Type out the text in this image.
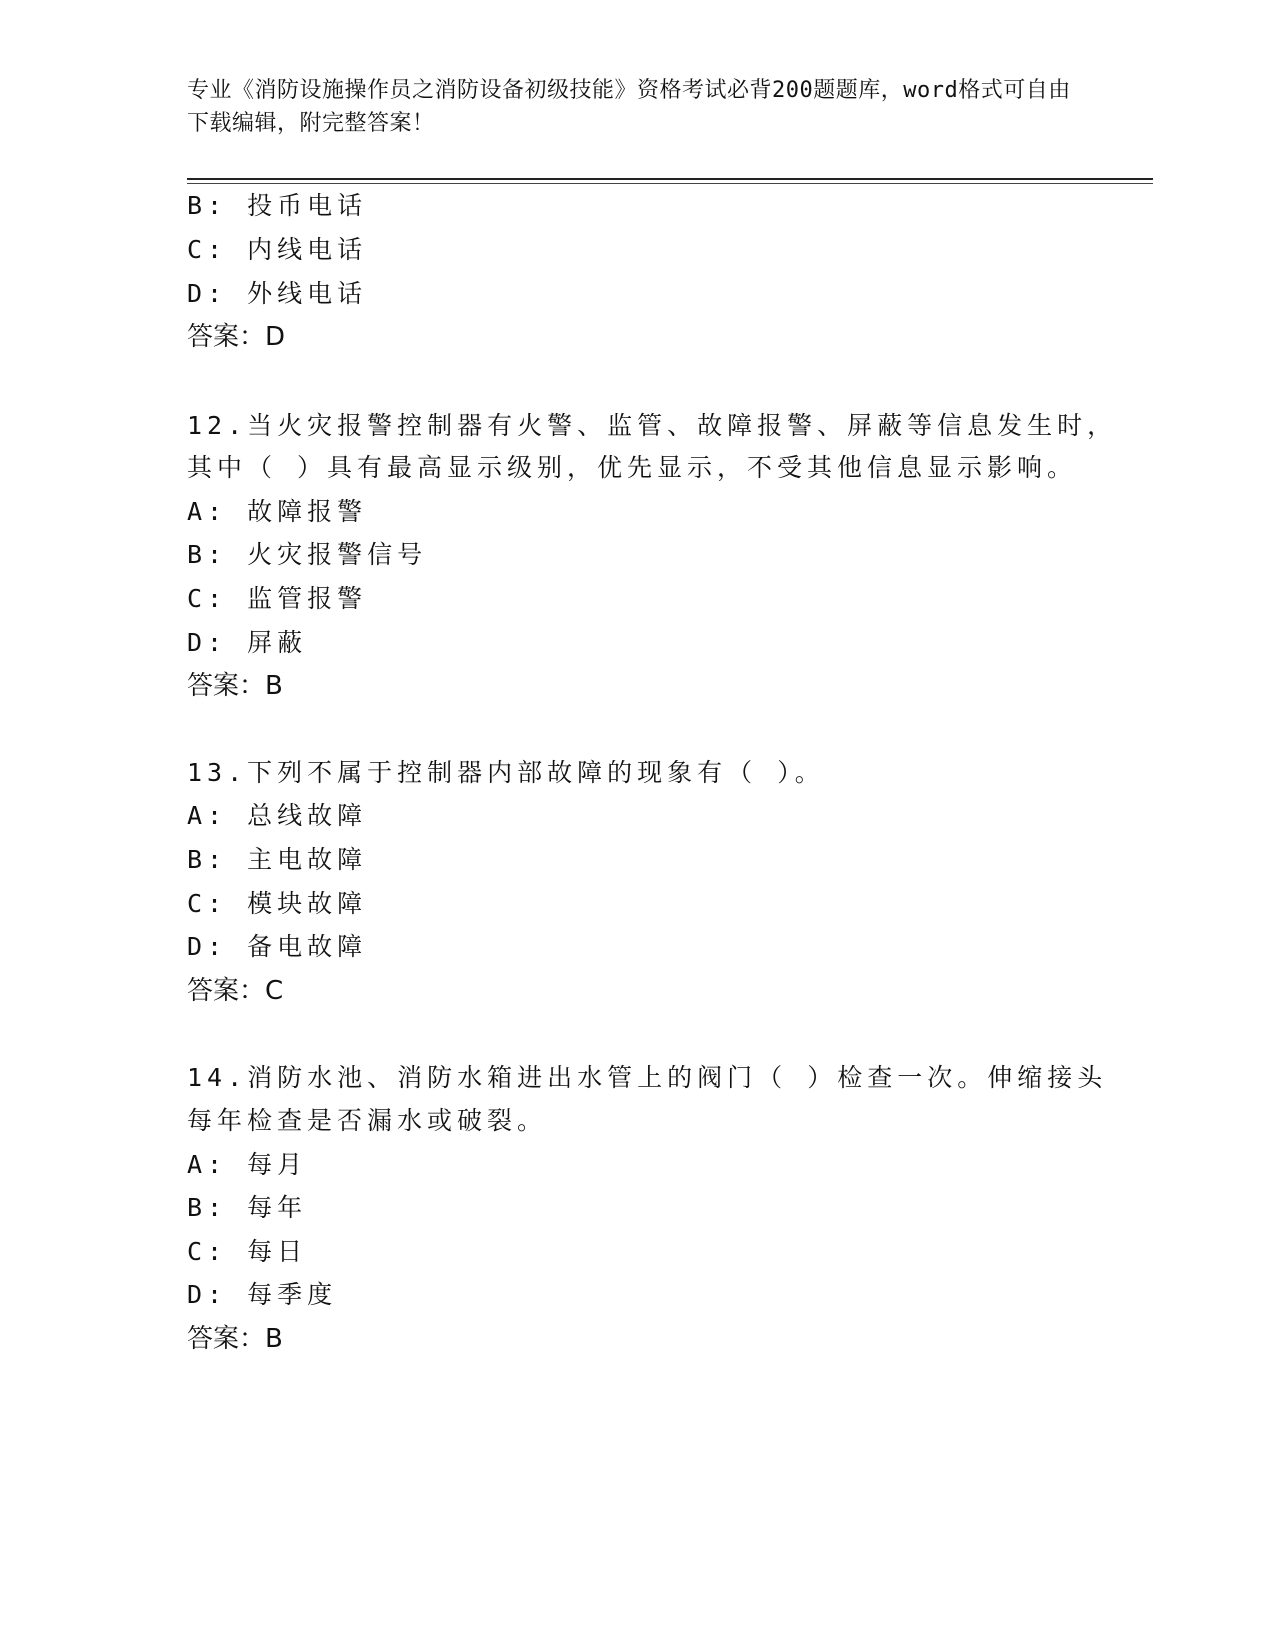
专业《消防设施操作员之消防设备初级技能》资格考试必背200题题库，word格式可自由下载编辑，附完整答案！
B: 投币电话
C: 内线电话
D: 外线电话
答案：D
12.当火灾报警控制器有火警、监管、故障报警、屏蔽等信息发生时，
其中（ ）具有最高显示级别，优先显示，不受其他信息显示影响。
A: 故障报警
B: 火灾报警信号
C: 监管报警
D: 屏蔽
答案：B
13.下列不属于控制器内部故障的现象有（ ）。
A: 总线故障
B: 主电故障
C: 模块故障
D: 备电故障
答案：C
14.消防水池、消防水箱进出水管上的阀门（ ）检查一次。伸缩接头
每年检查是否漏水或破裂。
A: 每月
B: 每年
C: 每日
D: 每季度
答案：B
